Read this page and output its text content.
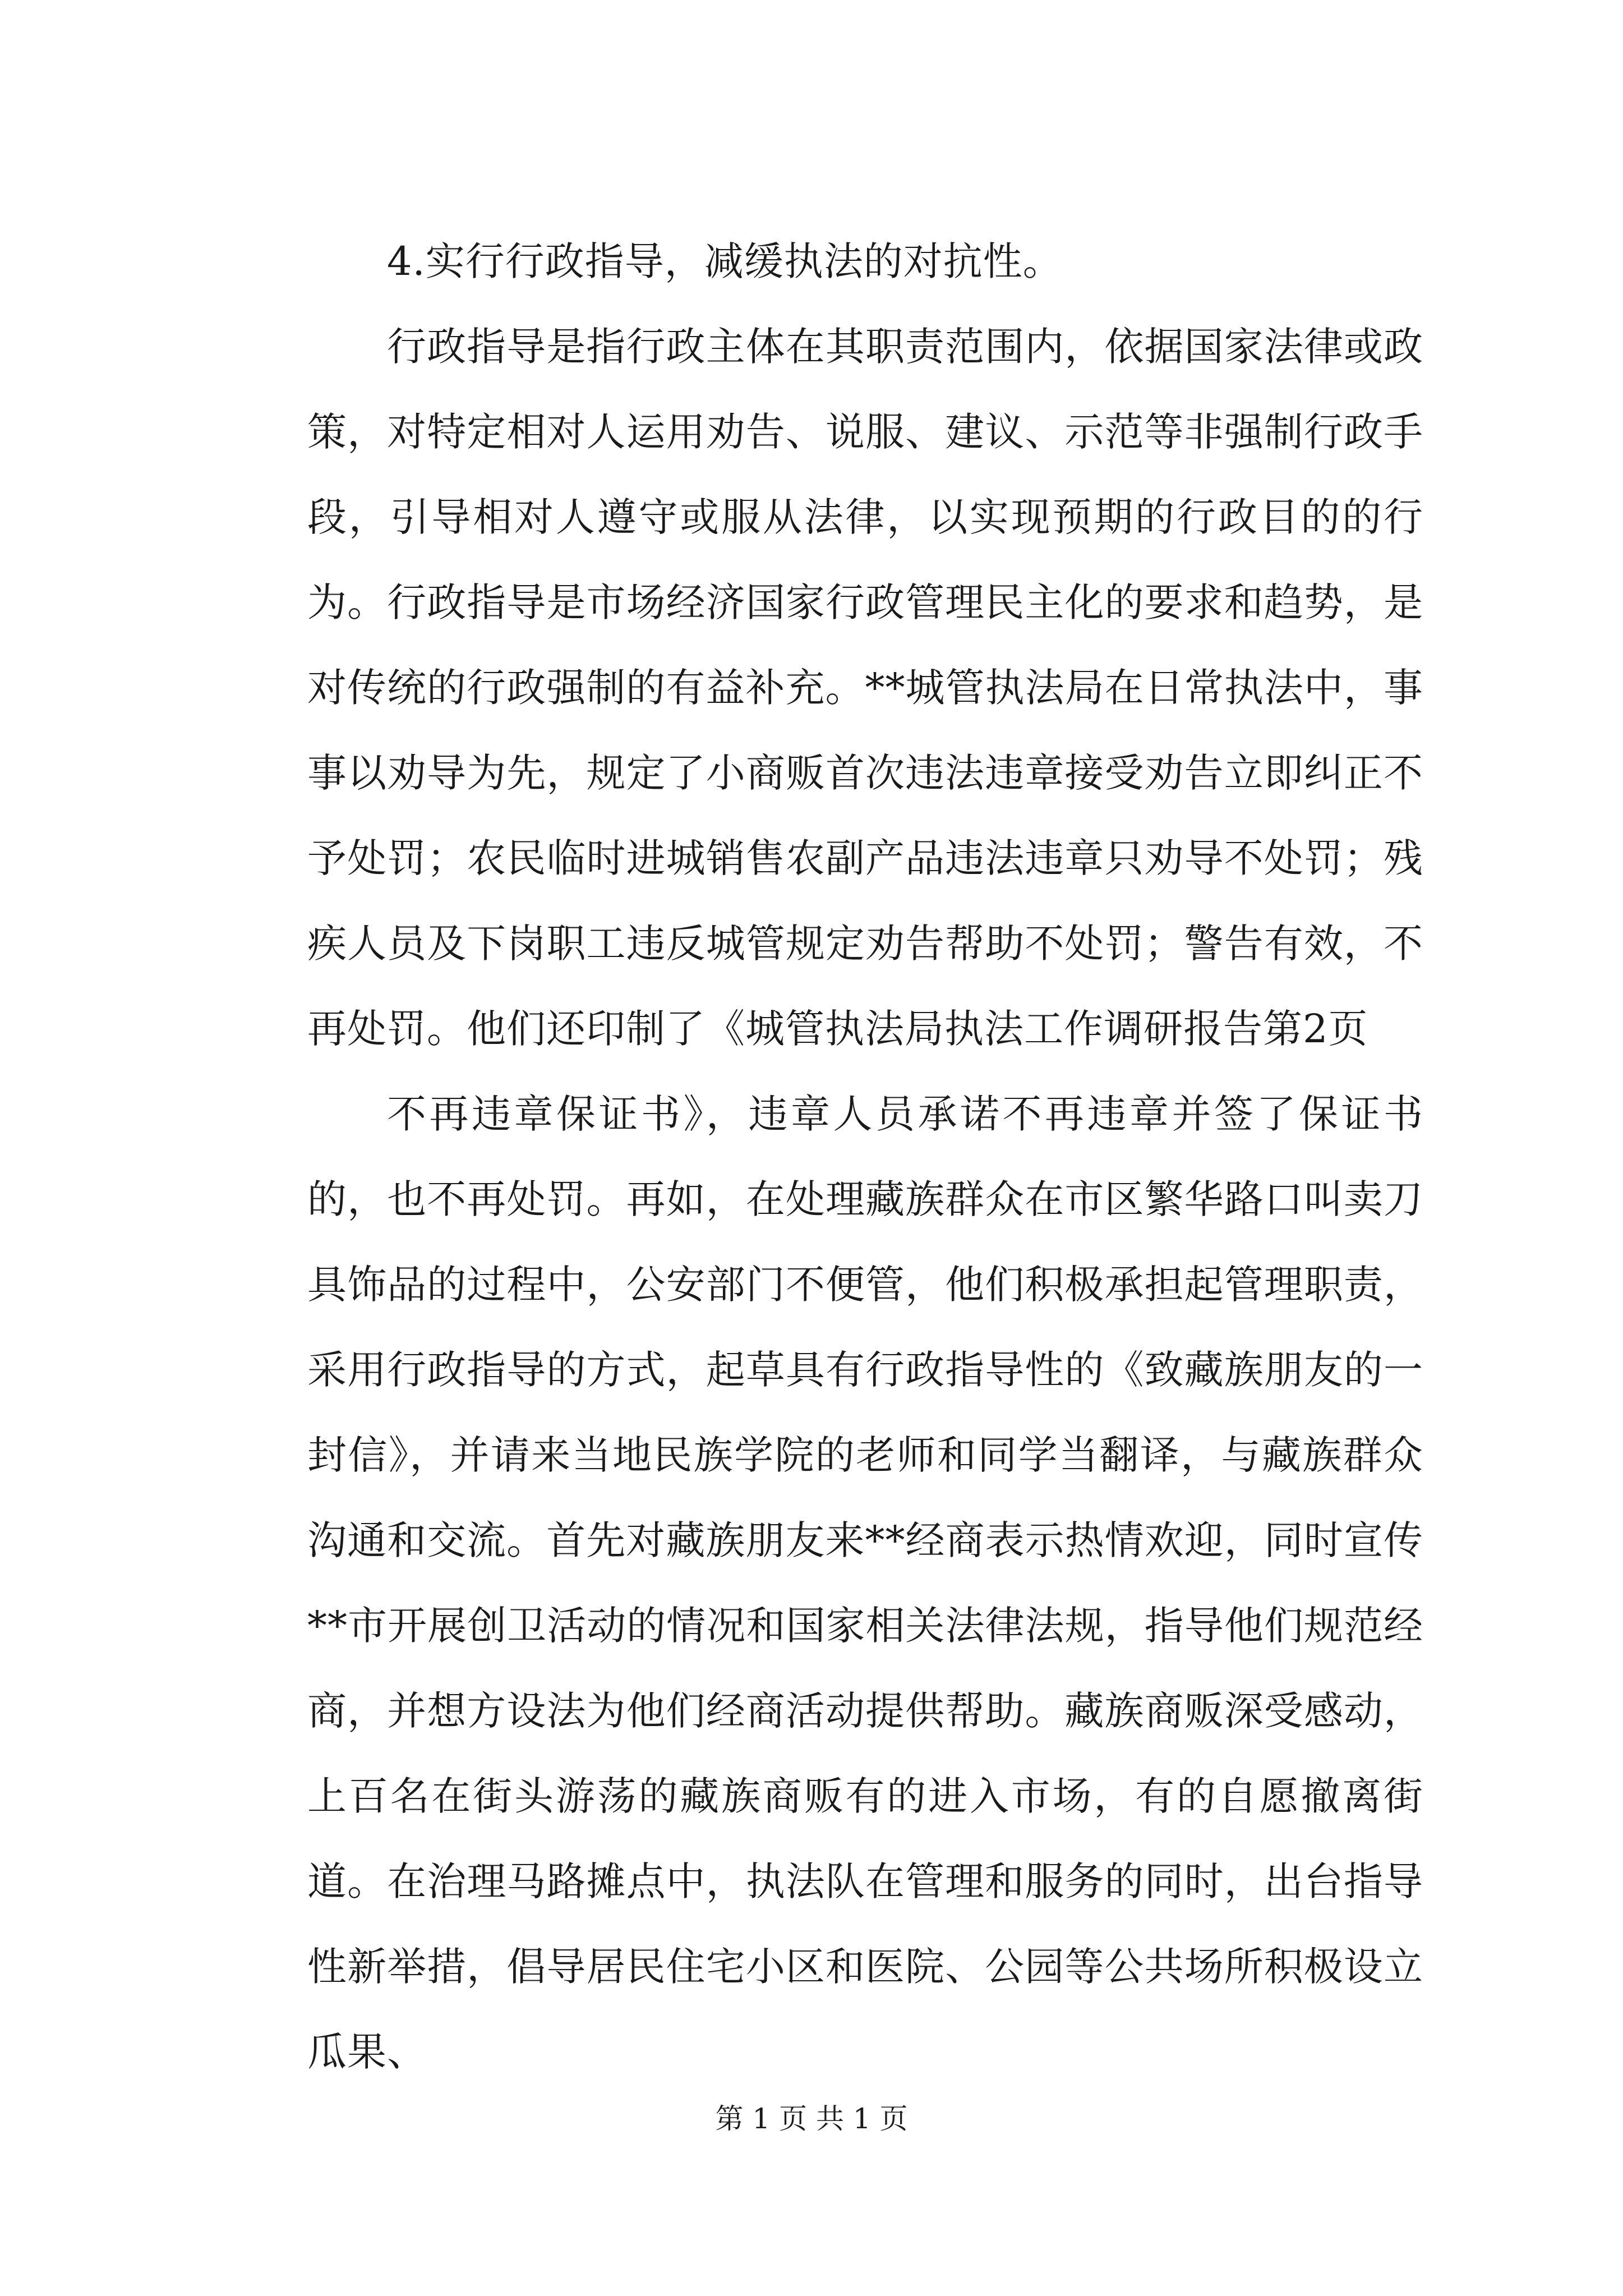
4.实行行政指导，减缓执法的对抗性。

行政指导是指行政主体在其职责范围内，依据国家法律或政策，对特定相对人运用劝告、说服、建议、示范等非强制行政手段，引导相对人遵守或服从法律，以实现预期的行政目的的行为。行政指导是市场经济国家行政管理民主化的要求和趋势，是对传统的行政强制的有益补充。**城管执法局在日常执法中，事事以劝导为先，规定了小商贩首次违法违章接受劝告立即纠正不予处罚；农民临时进城销售农副产品违法违章只劝导不处罚；残疾人员及下岗职工违反城管规定劝告帮助不处罚；警告有效，不再处罚。他们还印制了《城管执法局执法工作调研报告第2页

不再违章保证书》，违章人员承诺不再违章并签了保证书的，也不再处罚。再如，在处理藏族群众在市区繁华路口叫卖刀具饰品的过程中，公安部门不便管，他们积极承担起管理职责，采用行政指导的方式，起草具有行政指导性的《致藏族朋友的一封信》，并请来当地民族学院的老师和同学当翻译，与藏族群众沟通和交流。首先对藏族朋友来**经商表示热情欢迎，同时宣传**市开展创卫活动的情况和国家相关法律法规，指导他们规范经商，并想方设法为他们经商活动提供帮助。藏族商贩深受感动，上百名在街头游荡的藏族商贩有的进入市场，有的自愿撤离街道。在治理马路摊点中，执法队在管理和服务的同时，出台指导性新举措，倡导居民住宅小区和医院、公园等公共场所积极设立瓜果、

第 1 页 共 1 页
